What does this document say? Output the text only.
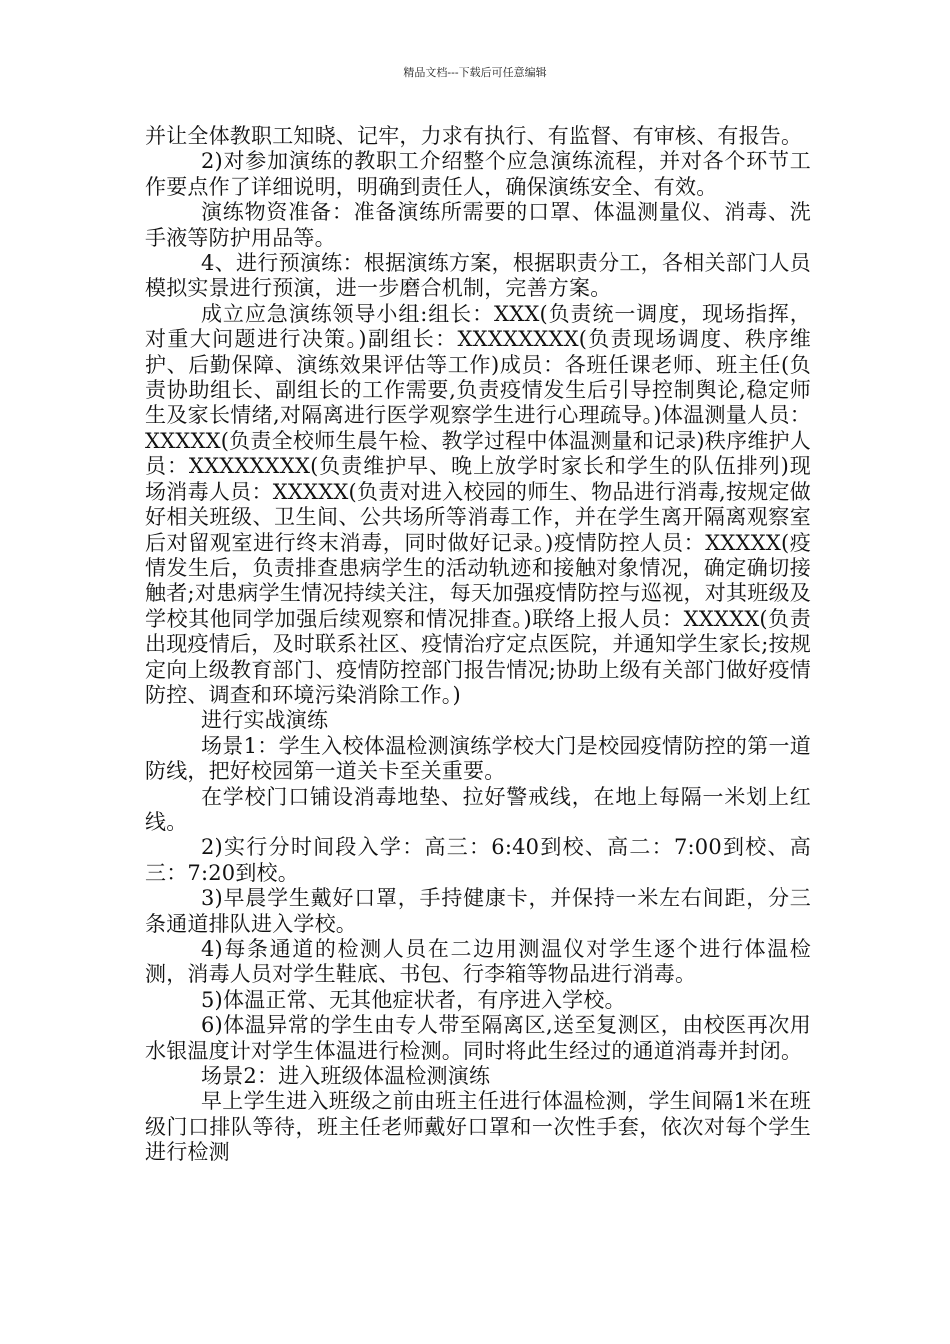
精品文档---下载后可任意编辑

并让全体教职工知晓、记牢，力求有执行、有监督、有审核、有报告。

2)对参加演练的教职工介绍整个应急演练流程，并对各个环节工作要点作了详细说明，明确到责任人，确保演练安全、有效。

演练物资准备：准备演练所需要的口罩、体温测量仪、消毒、洗手液等防护用品等。

4、进行预演练：根据演练方案，根据职责分工，各相关部门人员模拟实景进行预演，进一步磨合机制，完善方案。

成立应急演练领导小组:组长：XXX(负责统一调度，现场指挥，对重大问题进行决策。)副组长：XXXXXXXX(负责现场调度、秩序维护、后勤保障、演练效果评估等工作)成员：各班任课老师、班主任(负责协助组长、副组长的工作需要,负责疫情发生后引导控制舆论,稳定师生及家长情绪,对隔离进行医学观察学生进行心理疏导。)体温测量人员：XXXXX(负责全校师生晨午检、教学过程中体温测量和记录)秩序维护人员：XXXXXXXX(负责维护早、晚上放学时家长和学生的队伍排列)现场消毒人员：XXXXX(负责对进入校园的师生、物品进行消毒,按规定做好相关班级、卫生间、公共场所等消毒工作，并在学生离开隔离观察室后对留观室进行终末消毒，同时做好记录。)疫情防控人员：XXXXX(疫情发生后，负责排查患病学生的活动轨迹和接触对象情况，确定确切接触者;对患病学生情况持续关注，每天加强疫情防控与巡视，对其班级及学校其他同学加强后续观察和情况排查。)联络上报人员：XXXXX(负责出现疫情后，及时联系社区、疫情治疗定点医院，并通知学生家长;按规定向上级教育部门、疫情防控部门报告情况;协助上级有关部门做好疫情防控、调查和环境污染消除工作。)

进行实战演练

场景1：学生入校体温检测演练学校大门是校园疫情防控的第一道防线，把好校园第一道关卡至关重要。

在学校门口铺设消毒地垫、拉好警戒线，在地上每隔一米划上红线。

2)实行分时间段入学：高三：6:40到校、高二：7:00到校、高三：7:20到校。

3)早晨学生戴好口罩，手持健康卡，并保持一米左右间距，分三条通道排队进入学校。

4)每条通道的检测人员在二边用测温仪对学生逐个进行体温检测，消毒人员对学生鞋底、书包、行李箱等物品进行消毒。

5)体温正常、无其他症状者，有序进入学校。

6)体温异常的学生由专人带至隔离区,送至复测区，由校医再次用水银温度计对学生体温进行检测。同时将此生经过的通道消毒并封闭。

场景2：进入班级体温检测演练

早上学生进入班级之前由班主任进行体温检测，学生间隔1米在班级门口排队等待，班主任老师戴好口罩和一次性手套，依次对每个学生进行检测
